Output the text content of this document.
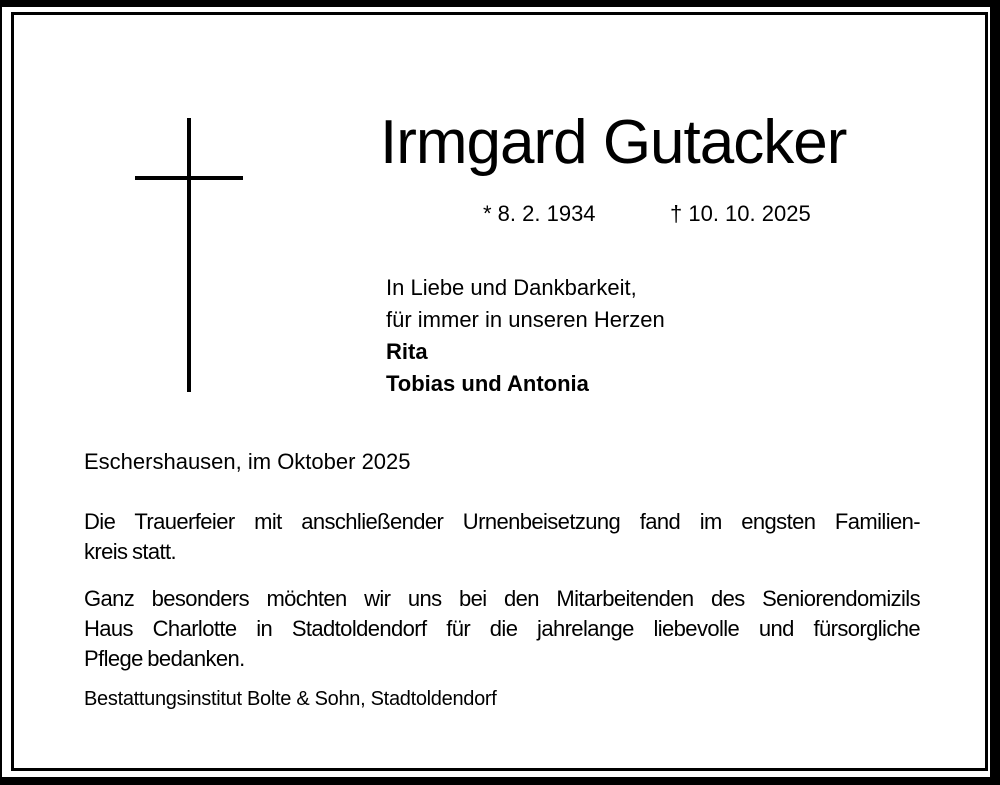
Irmgard Gutacker
* 8. 2. 1934	† 10. 10. 2025
In Liebe und Dankbarkeit,
für immer in unseren Herzen
Rita
Tobias und Antonia
Eschershausen, im Oktober 2025
Die Trauerfeier mit anschließender Urnenbeisetzung fand im engsten Familien-
kreis statt.
Ganz besonders möchten wir uns bei den Mitarbeitenden des Seniorendomizils
Haus Charlotte in Stadtoldendorf für die jahrelange liebevolle und fürsorgliche
Pflege bedanken.
Bestattungsinstitut Bolte & Sohn, Stadtoldendorf
